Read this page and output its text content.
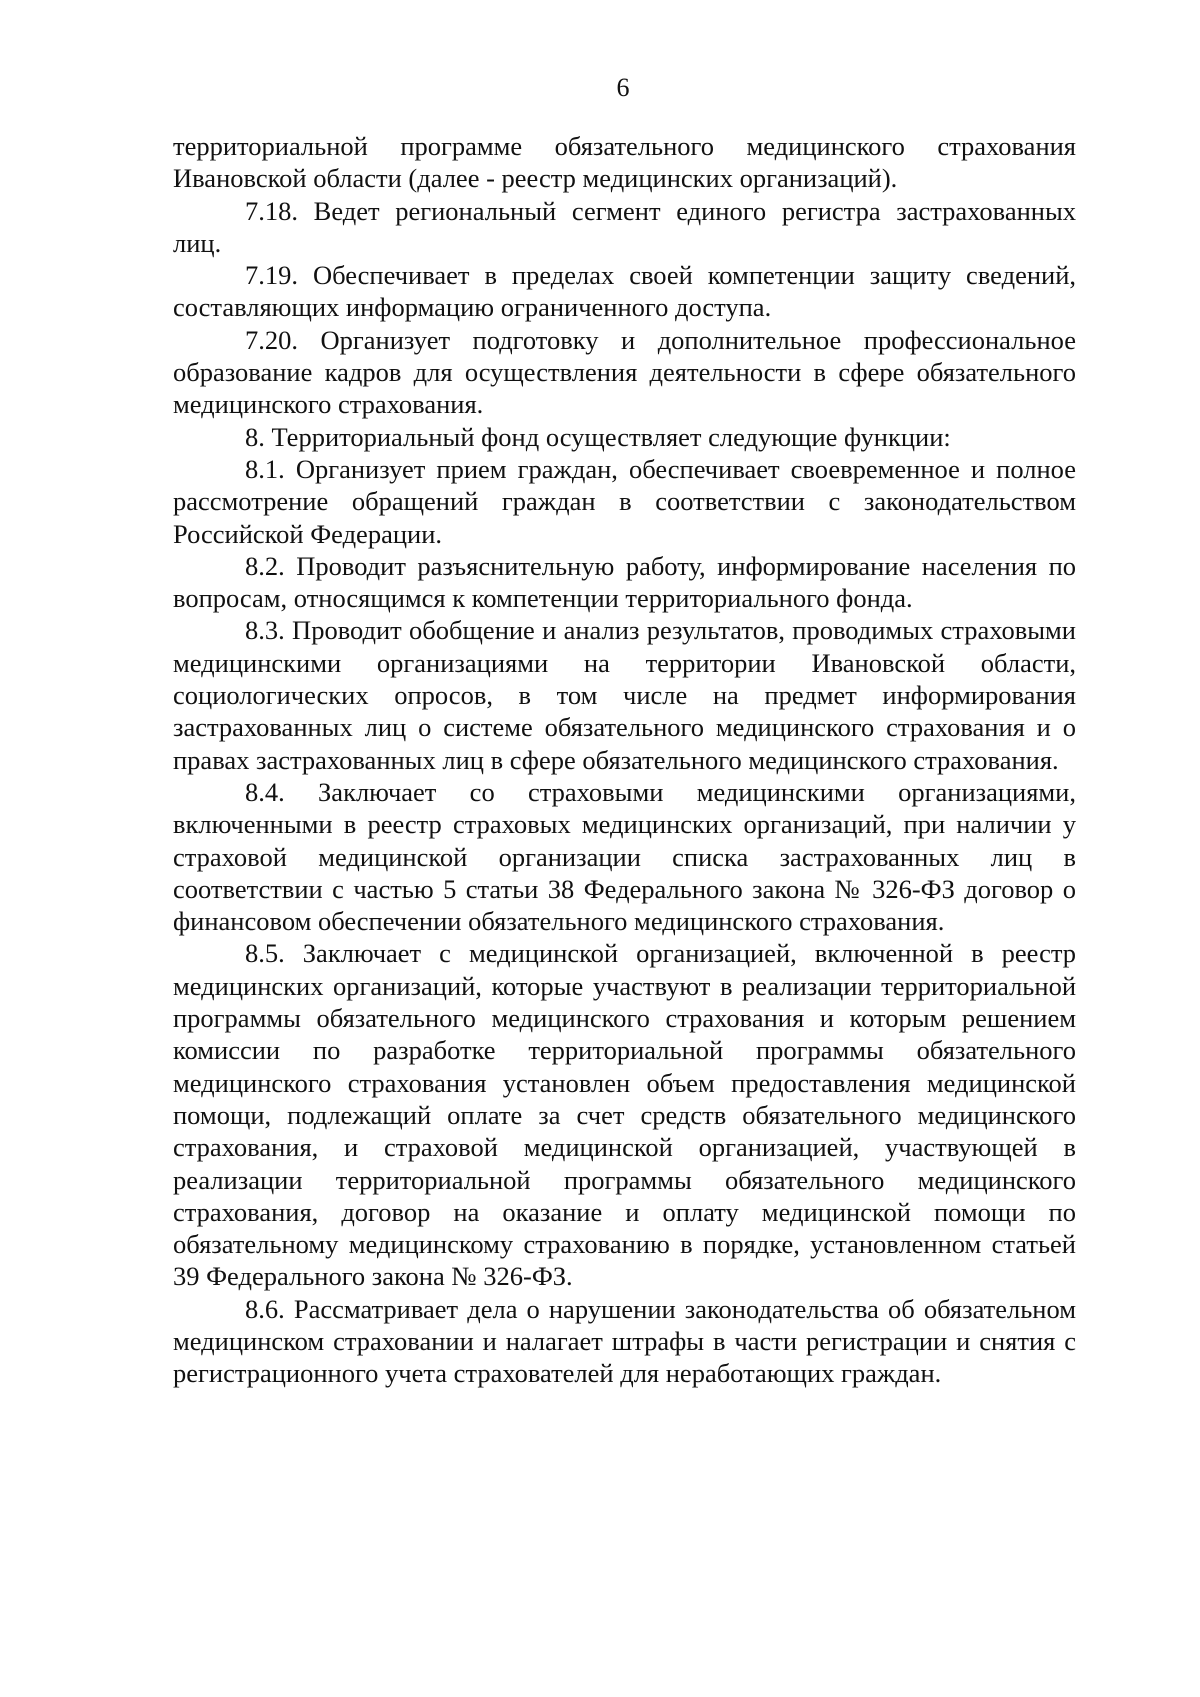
6

территориальной программе обязательного медицинского страхования Ивановской области (далее - реестр медицинских организаций).

7.18. Ведет региональный сегмент единого регистра застрахованных лиц.

7.19. Обеспечивает в пределах своей компетенции защиту сведений, составляющих информацию ограниченного доступа.

7.20. Организует подготовку и дополнительное профессиональное образование кадров для осуществления деятельности в сфере обязательного медицинского страхования.

8. Территориальный фонд осуществляет следующие функции:

8.1. Организует прием граждан, обеспечивает своевременное и полное рассмотрение обращений граждан в соответствии с законодательством Российской Федерации.

8.2. Проводит разъяснительную работу, информирование населения по вопросам, относящимся к компетенции территориального фонда.

8.3. Проводит обобщение и анализ результатов, проводимых страховыми медицинскими организациями на территории Ивановской области, социологических опросов, в том числе на предмет информирования застрахованных лиц о системе обязательного медицинского страхования и о правах застрахованных лиц в сфере обязательного медицинского страхования.

8.4. Заключает со страховыми медицинскими организациями, включенными в реестр страховых медицинских организаций, при наличии у страховой медицинской организации списка застрахованных лиц в соответствии с частью 5 статьи 38 Федерального закона № 326-ФЗ договор о финансовом обеспечении обязательного медицинского страхования.

8.5. Заключает с медицинской организацией, включенной в реестр медицинских организаций, которые участвуют в реализации территориальной программы обязательного медицинского страхования и которым решением комиссии по разработке территориальной программы обязательного медицинского страхования установлен объем предоставления медицинской помощи, подлежащий оплате за счет средств обязательного медицинского страхования, и страховой медицинской организацией, участвующей в реализации территориальной программы обязательного медицинского страхования, договор на оказание и оплату медицинской помощи по обязательному медицинскому страхованию в порядке, установленном статьей 39 Федерального закона № 326-ФЗ.

8.6. Рассматривает дела о нарушении законодательства об обязательном медицинском страховании и налагает штрафы в части регистрации и снятия с регистрационного учета страхователей для неработающих граждан.
